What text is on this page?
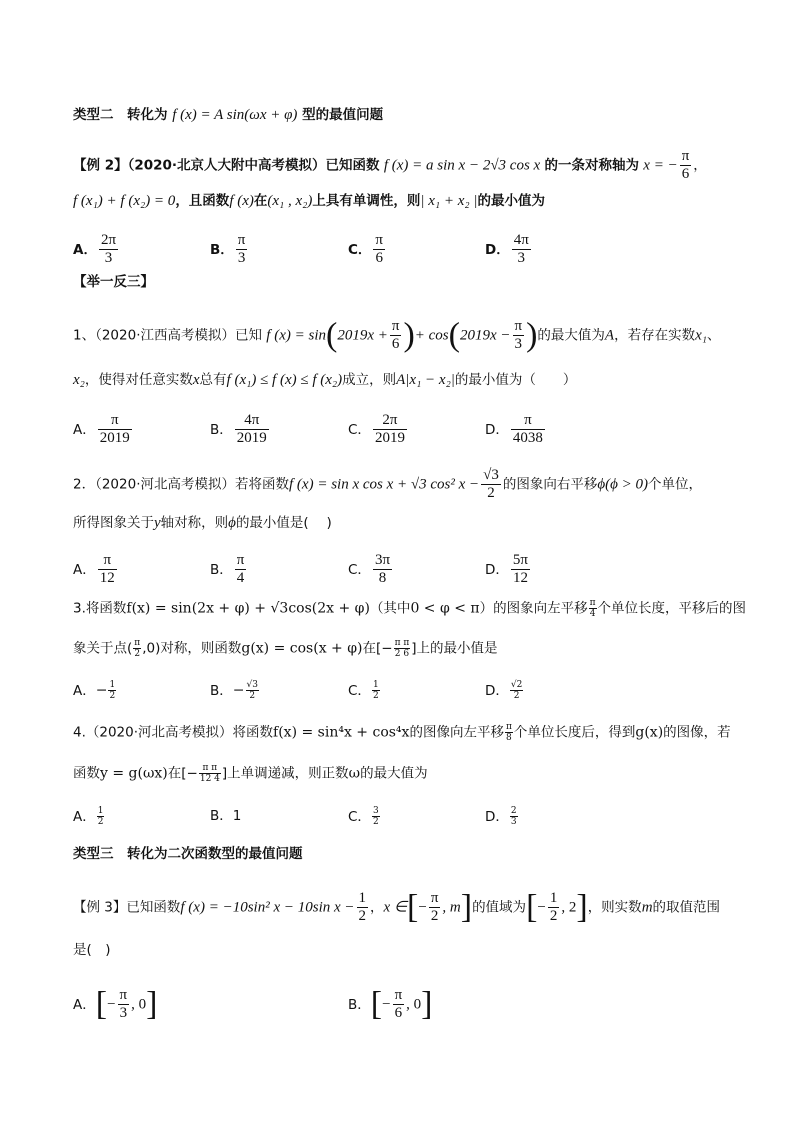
类型二　转化为 f (x) = A sin(ωx + φ) 型的最值问题
【例 2】（2020·北京人大附中高考模拟）已知函数 f (x) = a sin x − 2√3 cos x 的一条对称轴为 x = − $\frac{\pi}{6}$ ，
f (x₁) + f (x₂) = 0，且函数f (x)在(x₁ , x₂)上具有单调性，则| x₁ + x₂ |的最小值为
A． $\frac{2\pi}{3}$	B． $\frac{\pi}{3}$	C． $\frac{\pi}{6}$	D． $\frac{4\pi}{3}$
【举一反三】
1、（2020·江西高考模拟）已知 f $(x) = \sin(2019x + \frac{\pi}{6}$ )+ $\cos(2019x - \frac{\pi}{3}$ )的最大值为A，若存在实数x₁、
x₂，使得对任意实数x总有f (x₁) ≤ f (x) ≤ f (x₂)成立，则A|x₁ − x₂|的最小值为（　　）
A． $\frac{\pi}{2019}$	B． $\frac{4\pi}{2019}$	C． $\frac{2\pi}{2019}$	D． $\frac{\pi}{4038}$
2．（2020·河北高考模拟）若将函数f (x) = sin x cos x + √3 cos² $x - \frac{√3}{2}$ 的图象向右平移ϕ(ϕ > 0)个单位，
所得图象关于y轴对称，则ϕ的最小值是(　 )
A． $\frac{\pi}{12}$	B． $\frac{\pi}{4}$	C． $\frac{3\pi}{8}$	D． $\frac{5\pi}{12}$
3.将函数f(x) = sin(2x + φ) + √3cos(2x + φ)（其中0 < φ < π）的图象向左平移 $\frac{\pi}{4}$ 个单位长度，平移后的图
象关于点( $\frac{\pi}{2} ,0$)对称，则函数g(x) = cos(x + φ)在[− $\frac{\text{π π}}{2 6}$ ]上的最小值是
A．− $\frac{1}{2}$	B．− $\frac{√3}{2}$	C． $\frac{1}{2}$	D． $\frac{√2}{2}$
4.（2020·河北高考模拟）将函数f(x) = sin⁴x + cos⁴x的图像向左平移 $\frac{\pi}{8}$ 个单位长度后，得到g(x)的图像，若
函数y = g(ωx)在[− $\frac{\text{π π}}{12 4}$ ]上单调递减，则正数ω的最大值为
A． $\frac{1}{2}$	B．1	C． $\frac{3}{2}$	D． $\frac{2}{3}$
类型三　转化为二次函数型的最值问题
【例 3】已知函数f (x) = −10sin² x − 10sin $x - \frac{1}{2}$ ，x ∈[− $\frac{\pi}{2}$ , m]的值域为[− $\frac{1}{2}$ , 2]，则实数m的取值范围
是(　)
A．[− $\frac{\pi}{3}$ , 0]	B．[− $\frac{\pi}{6}$ , 0]
